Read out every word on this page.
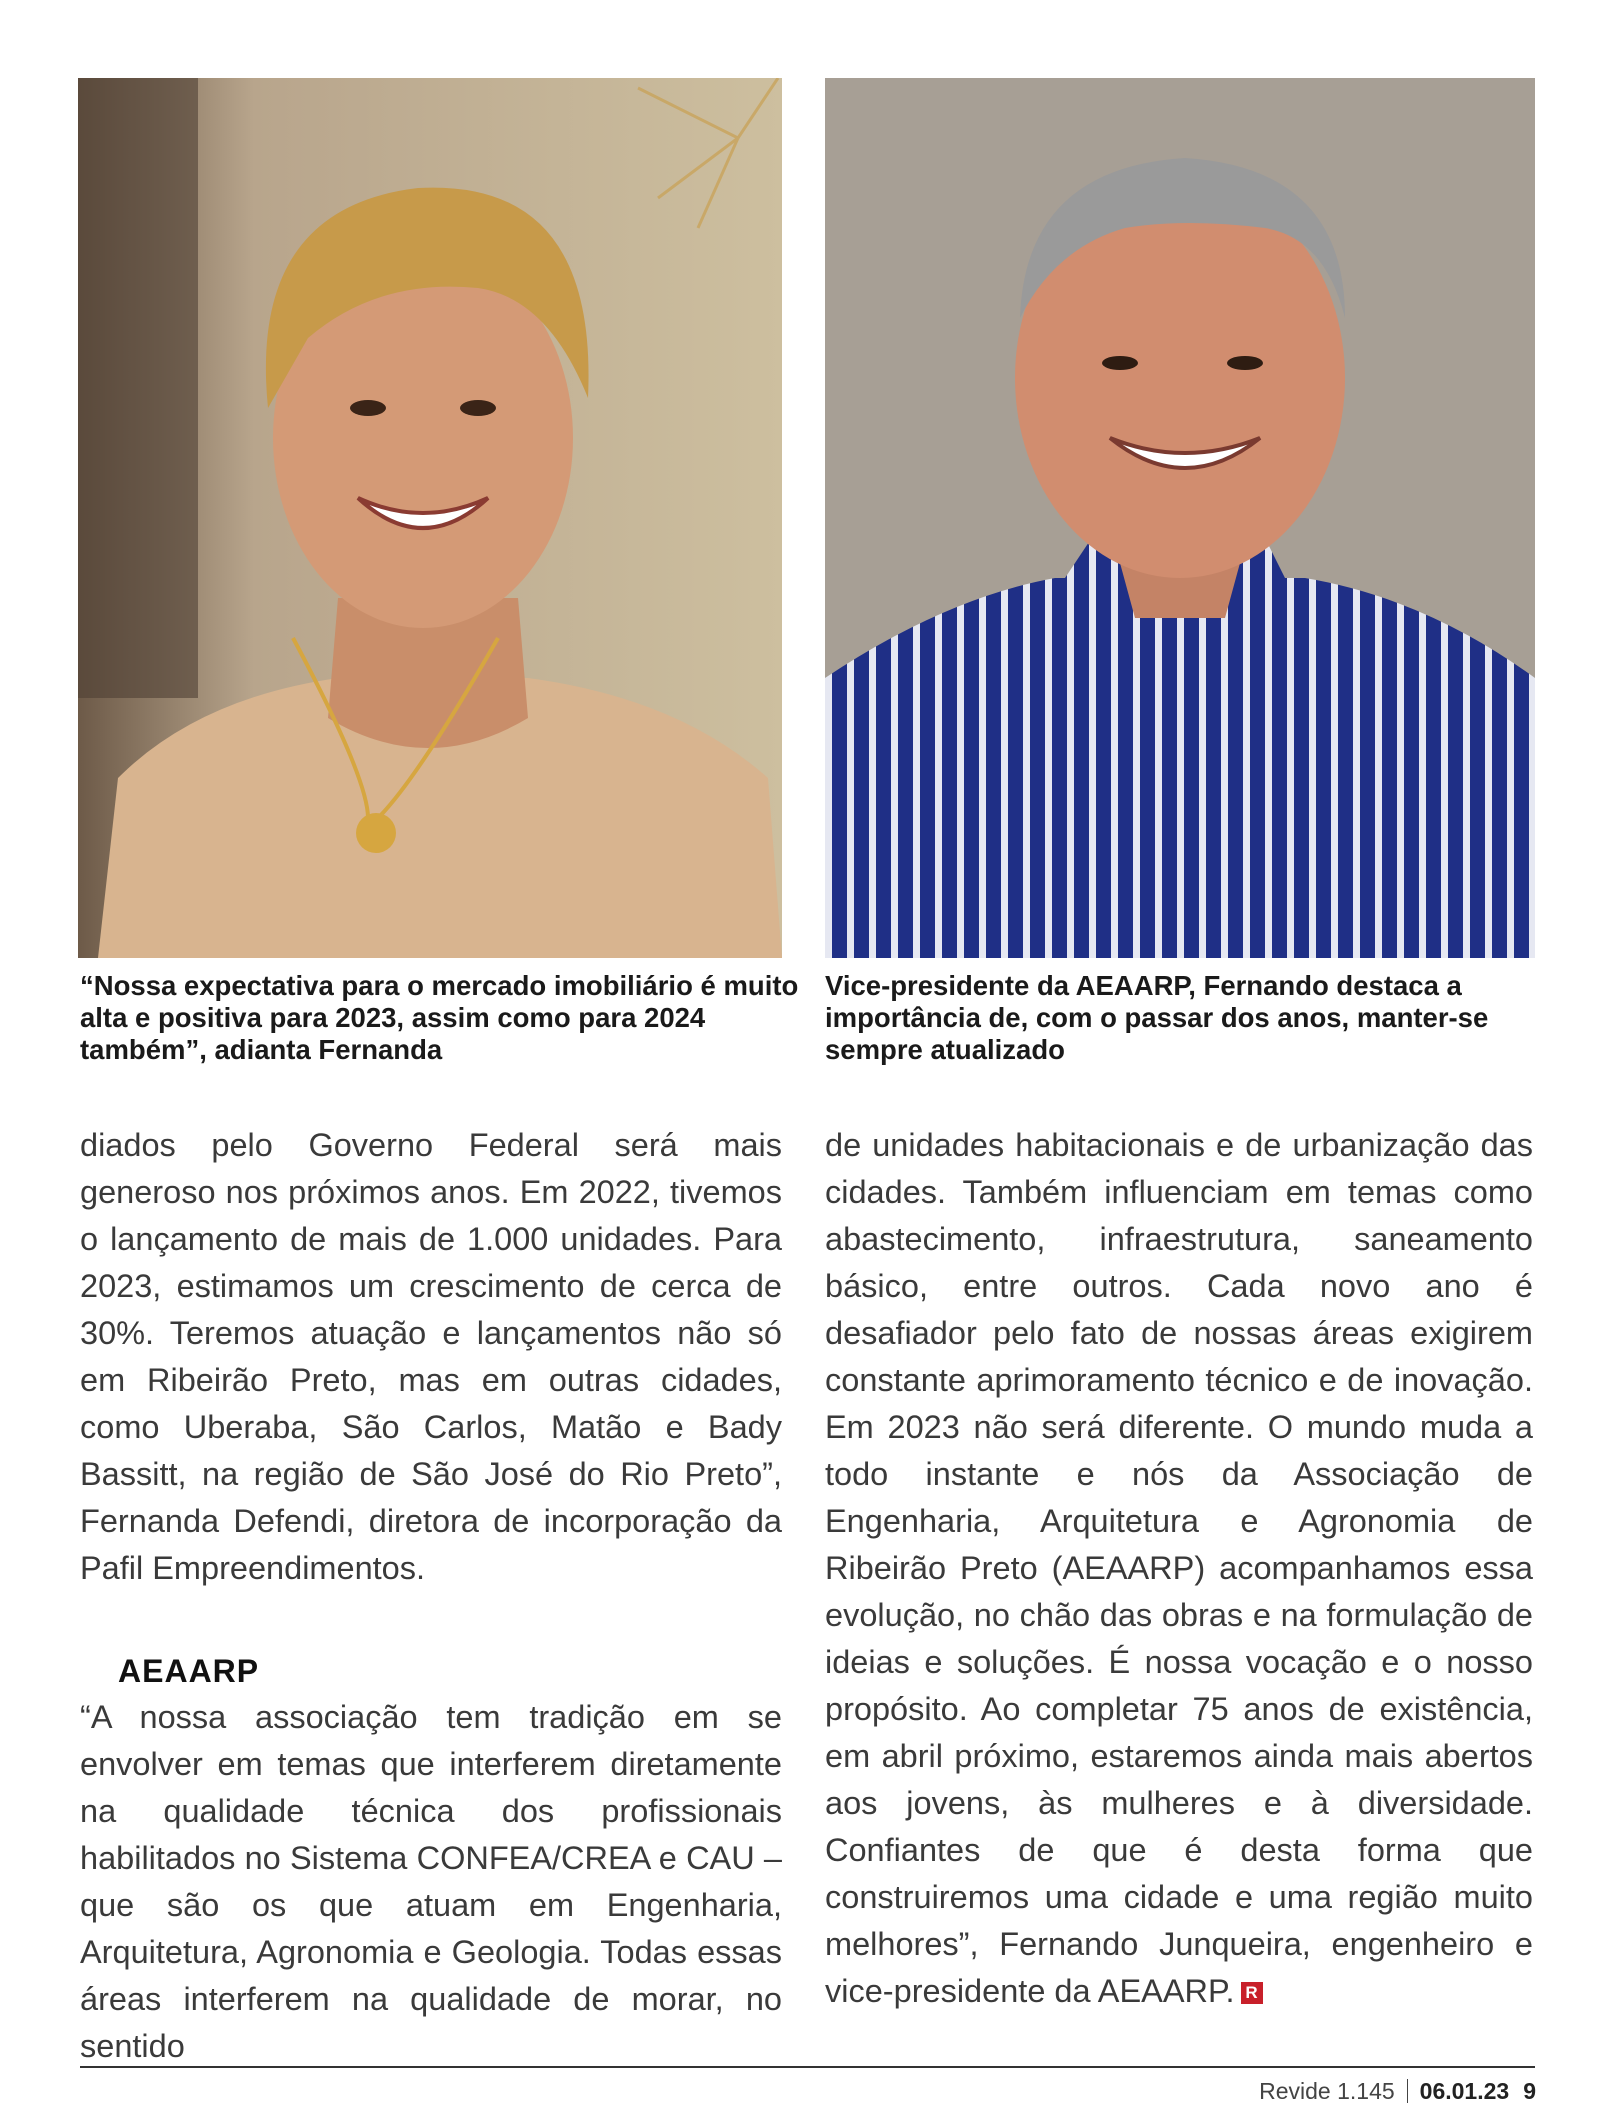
“Nossa expectativa para o mercado imobiliário é muito alta e positiva para 2023, assim como para 2024 também”, adianta Fernanda

Vice-presidente da AEAARP, Fernando destaca a importância de, com o passar dos anos, manter-se sempre atualizado

diados pelo Governo Federal será mais generoso nos próximos anos. Em 2022, tivemos o lançamento de mais de 1.000 unidades. Para 2023, estimamos um crescimento de cerca de 30%. Teremos atuação e lançamentos não só em Ribeirão Preto, mas em outras cidades, como Uberaba, São Carlos, Matão e Bady Bassitt, na região de São José do Rio Preto”, Fernanda Defendi, diretora de incorporação da Pafil Empreendimentos.

AEAARP

“A nossa associação tem tradição em se envolver em temas que interferem diretamente na qualidade técnica dos profissionais habilitados no Sistema CONFEA/CREA e CAU – que são os que atuam em Engenharia, Arquitetura, Agronomia e Geologia. Todas essas áreas interferem na qualidade de morar, no sentido

de unidades habitacionais e de urbanização das cidades. Também influenciam em temas como abastecimento, infraestrutura, saneamento básico, entre outros. Cada novo ano é desafiador pelo fato de nossas áreas exigirem constante aprimoramento técnico e de inovação. Em 2023 não será diferente. O mundo muda a todo instante e nós da Associação de Engenharia, Arquitetura e Agronomia de Ribeirão Preto (AEAARP) acompanhamos essa evolução, no chão das obras e na formulação de ideias e soluções. É nossa vocação e o nosso propósito. Ao completar 75 anos de existência, em abril próximo, estaremos ainda mais abertos aos jovens, às mulheres e à diversidade. Confiantes de que é desta forma que construiremos uma cidade e uma região muito melhores”, Fernando Junqueira, engenheiro e vice-presidente da AEAARP. R

Revide 1.145 06.01.23 9
